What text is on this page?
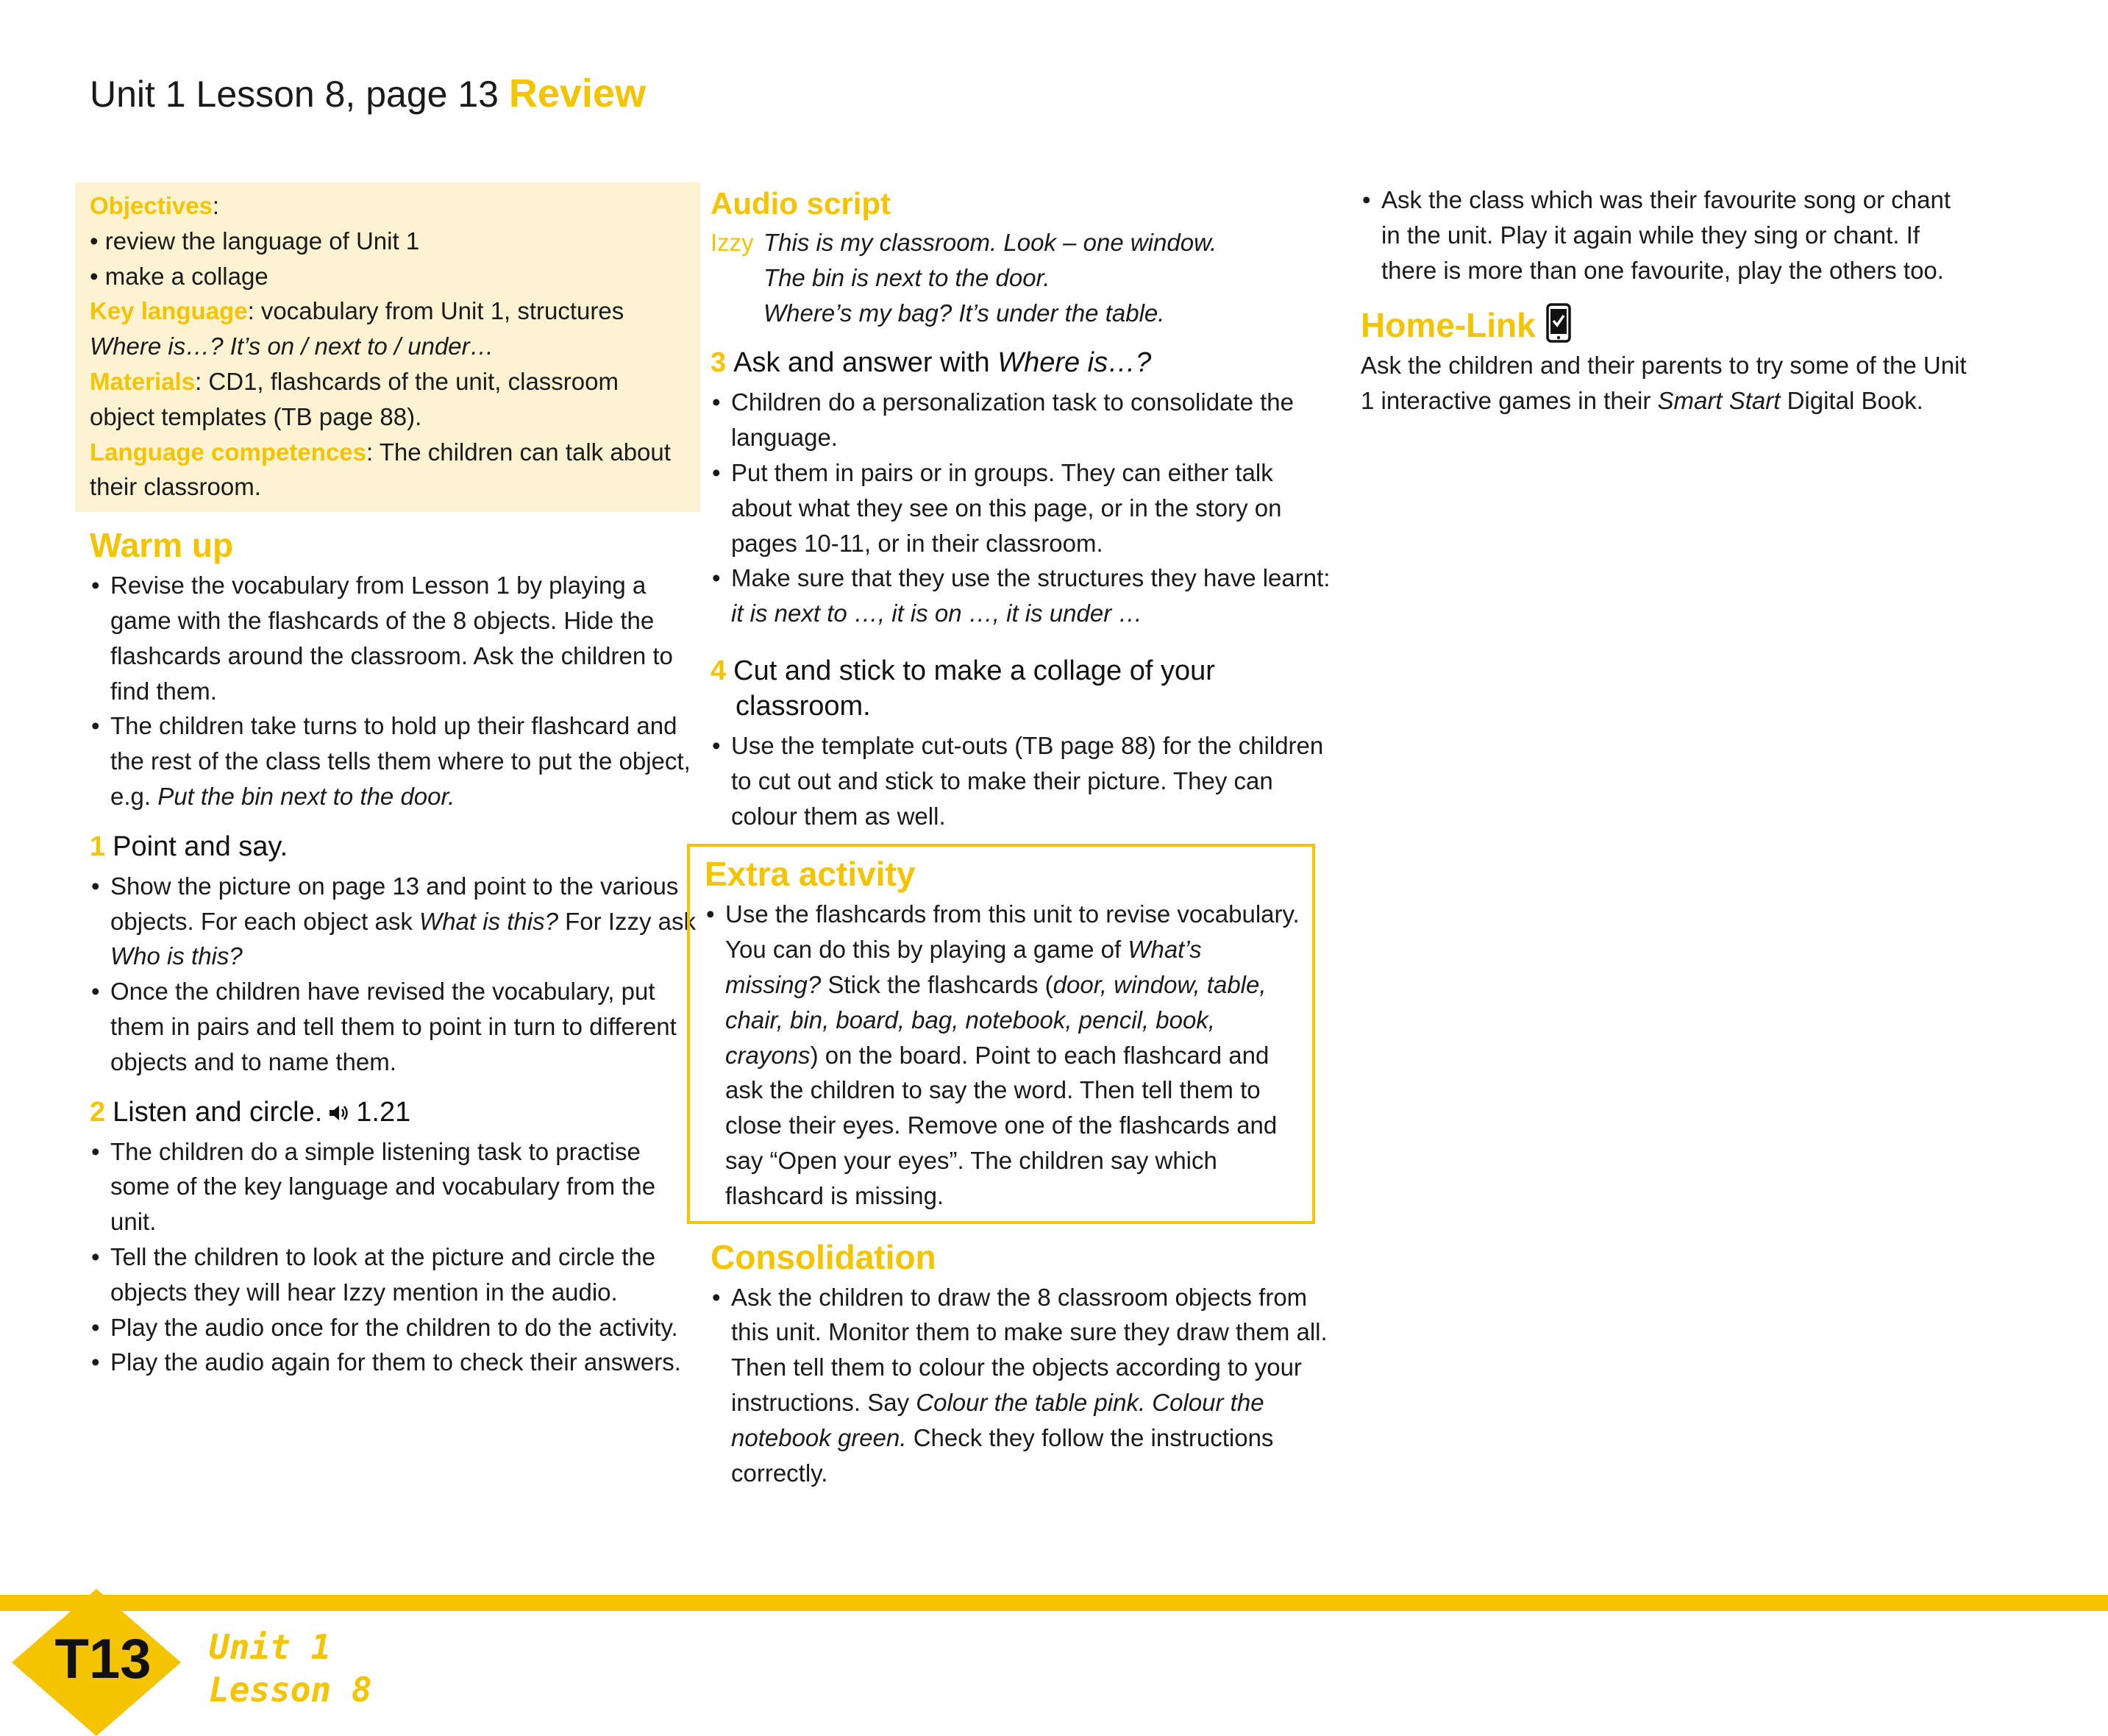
Unit 1 Lesson 8, page 13 Review
Objectives:
• review the language of Unit 1
• make a collage
Key language: vocabulary from Unit 1, structures
Where is…? It’s on / next to / under…
Materials: CD1, flashcards of the unit, classroom object templates (TB page 88).
Language competences: The children can talk about their classroom.
Warm up
• Revise the vocabulary from Lesson 1 by playing a game with the flashcards of the 8 objects. Hide the flashcards around the classroom. Ask the children to find them.
• The children take turns to hold up their flashcard and the rest of the class tells them where to put the object, e.g. Put the bin next to the door.
1 Point and say.
• Show the picture on page 13 and point to the various objects. For each object ask What is this? For Izzy ask Who is this?
• Once the children have revised the vocabulary, put them in pairs and tell them to point in turn to different objects and to name them.
2 Listen and circle. 1.21
• The children do a simple listening task to practise some of the key language and vocabulary from the unit.
• Tell the children to look at the picture and circle the objects they will hear Izzy mention in the audio.
• Play the audio once for the children to do the activity.
• Play the audio again for them to check their answers.
Audio script
Izzy This is my classroom. Look – one window.
The bin is next to the door.
Where’s my bag? It’s under the table.
3 Ask and answer with Where is…?
• Children do a personalization task to consolidate the language.
• Put them in pairs or in groups. They can either talk about what they see on this page, or in the story on pages 10-11, or in their classroom.
• Make sure that they use the structures they have learnt: it is next to …, it is on …, it is under …
4 Cut and stick to make a collage of your
classroom.
• Use the template cut-outs (TB page 88) for the children to cut out and stick to make their picture. They can colour them as well.
Extra activity
• Use the flashcards from this unit to revise vocabulary. You can do this by playing a game of What’s missing? Stick the flashcards (door, window, table, chair, bin, board, bag, notebook, pencil, book, crayons) on the board. Point to each flashcard and ask the children to say the word. Then tell them to close their eyes. Remove one of the flashcards and say “Open your eyes”. The children say which flashcard is missing.
Consolidation
• Ask the children to draw the 8 classroom objects from this unit. Monitor them to make sure they draw them all. Then tell them to colour the objects according to your instructions. Say Colour the table pink. Colour the notebook green. Check they follow the instructions correctly.
• Ask the class which was their favourite song or chant in the unit. Play it again while they sing or chant. If there is more than one favourite, play the others too.
Home-Link
Ask the children and their parents to try some of the Unit 1 interactive games in their Smart Start Digital Book.
T13	Unit 1
Lesson 8
